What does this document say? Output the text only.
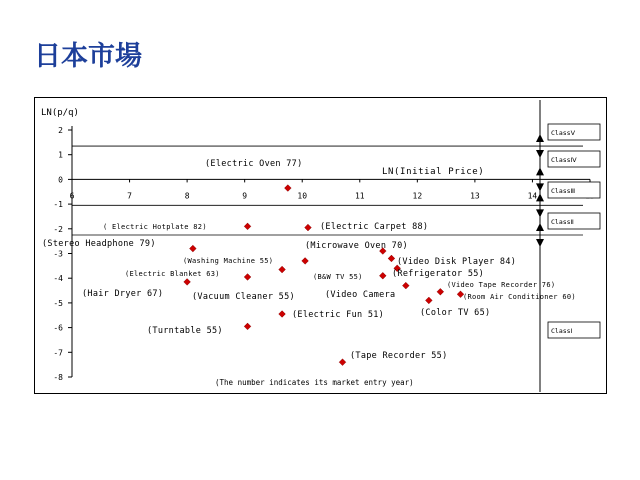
日本市場
2
1
0
-1
-2
-3
-4
-5
-6
-7
-8
6	7	8	9	10	11	12	13	14
ClassⅤ
ClassⅣ
ClassⅢ
ClassⅡ
ClassⅠ
(Electric Oven 77)
( Electric Hotplate 82)	(Electric Carpet 88)
(Stereo Headphone 79)	(Microwave Oven 70)
(Washing Machine 55)	(Video Disk Player 84)
(Refrigerator 55)
(Electric Blanket 63)	(B&W TV 55)
(Video Camera
(Video Tape Recorder 76)
(Hair Dryer 67)	(Vacuum Cleaner 55)	(Room Air Conditioner 60)
(Color TV 65)
(Electric Fun 51)
(Turntable 55)
(Tape Recorder 55)
LN(p/q)
LN(Initial Price)
(The number indicates its market entry year)
